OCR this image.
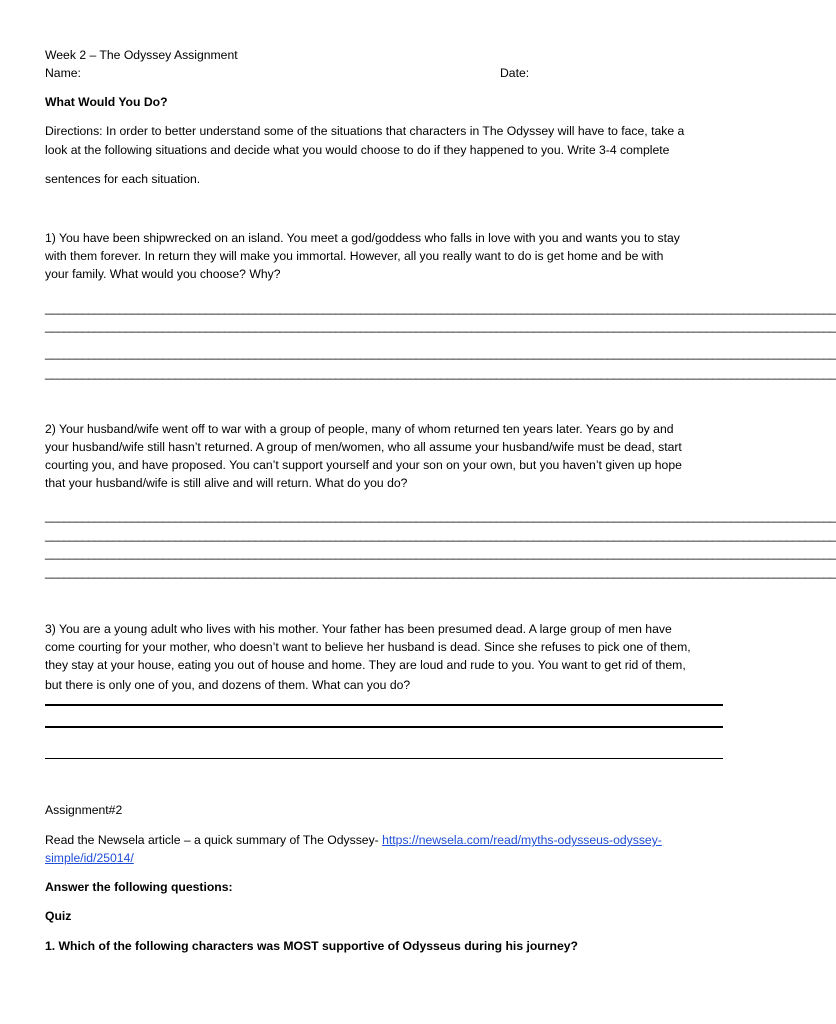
Week 2 – The Odyssey Assignment
Name:	Date:
What Would You Do?
Directions: In order to better understand some of the situations that characters in The Odyssey will have to face, take a
look at the following situations and decide what you would choose to do if they happened to you. Write 3-4 complete
sentences for each situation.
1) You have been shipwrecked on an island. You meet a god/goddess who falls in love with you and wants you to stay
with them forever. In return they will make you immortal. However, all you really want to do is get home and be with
your family. What would you choose? Why?
________________________________________________________________________________________________________________________________
________________________________________________________________________________________________________________________________
________________________________________________________________________________________________________________________________
________________________________________________________________________________________________________________________________
2) Your husband/wife went off to war with a group of people, many of whom returned ten years later. Years go by and
your husband/wife still hasn’t returned. A group of men/women, who all assume your husband/wife must be dead, start
courting you, and have proposed. You can’t support yourself and your son on your own, but you haven’t given up hope
that your husband/wife is still alive and will return. What do you do?
________________________________________________________________________________________________________________________________
________________________________________________________________________________________________________________________________
________________________________________________________________________________________________________________________________
________________________________________________________________________________________________________________________________
3) You are a young adult who lives with his mother. Your father has been presumed dead. A large group of men have
come courting for your mother, who doesn’t want to believe her husband is dead. Since she refuses to pick one of them,
they stay at your house, eating you out of house and home. They are loud and rude to you. You want to get rid of them,
but there is only one of you, and dozens of them. What can you do?
Assignment#2
Read the Newsela article – a quick summary of The Odyssey- https://newsela.com/read/myths-odysseus-odyssey-
simple/id/25014/
Answer the following questions:
Quiz
1. Which of the following characters was MOST supportive of Odysseus during his journey?
